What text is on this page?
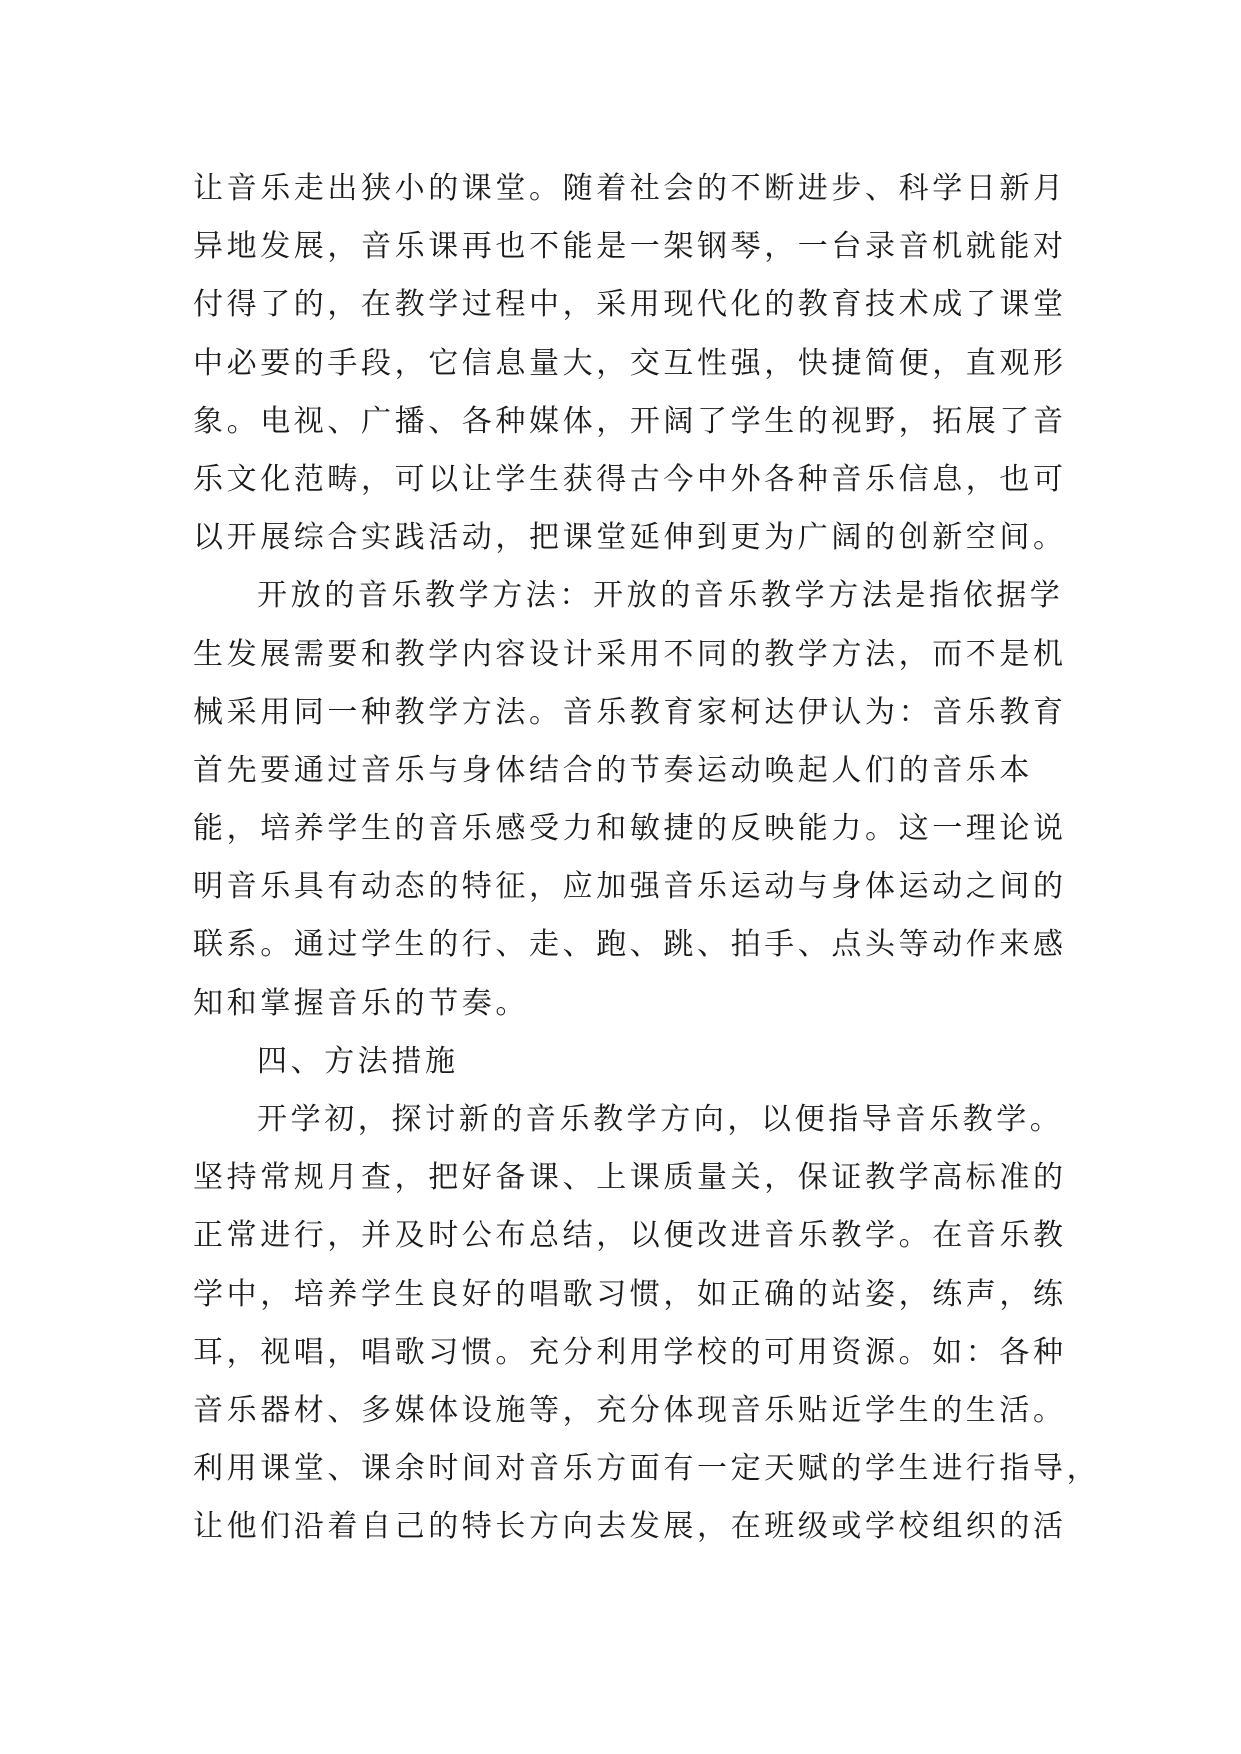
让音乐走出狭小的课堂。随着社会的不断进步、科学日新月
异地发展，音乐课再也不能是一架钢琴，一台录音机就能对
付得了的，在教学过程中，采用现代化的教育技术成了课堂
中必要的手段，它信息量大，交互性强，快捷简便，直观形
象。电视、广播、各种媒体，开阔了学生的视野，拓展了音
乐文化范畴，可以让学生获得古今中外各种音乐信息，也可
以开展综合实践活动，把课堂延伸到更为广阔的创新空间。
开放的音乐教学方法：开放的音乐教学方法是指依据学
生发展需要和教学内容设计采用不同的教学方法，而不是机
械采用同一种教学方法。音乐教育家柯达伊认为：音乐教育
首先要通过音乐与身体结合的节奏运动唤起人们的音乐本
能，培养学生的音乐感受力和敏捷的反映能力。这一理论说
明音乐具有动态的特征，应加强音乐运动与身体运动之间的
联系。通过学生的行、走、跑、跳、拍手、点头等动作来感
知和掌握音乐的节奏。
四、方法措施
开学初，探讨新的音乐教学方向，以便指导音乐教学。
坚持常规月查，把好备课、上课质量关，保证教学高标准的
正常进行，并及时公布总结，以便改进音乐教学。在音乐教
学中，培养学生良好的唱歌习惯，如正确的站姿，练声，练
耳，视唱，唱歌习惯。充分利用学校的可用资源。如：各种
音乐器材、多媒体设施等，充分体现音乐贴近学生的生活。
利用课堂、课余时间对音乐方面有一定天赋的学生进行指导，
让他们沿着自己的特长方向去发展，在班级或学校组织的活
